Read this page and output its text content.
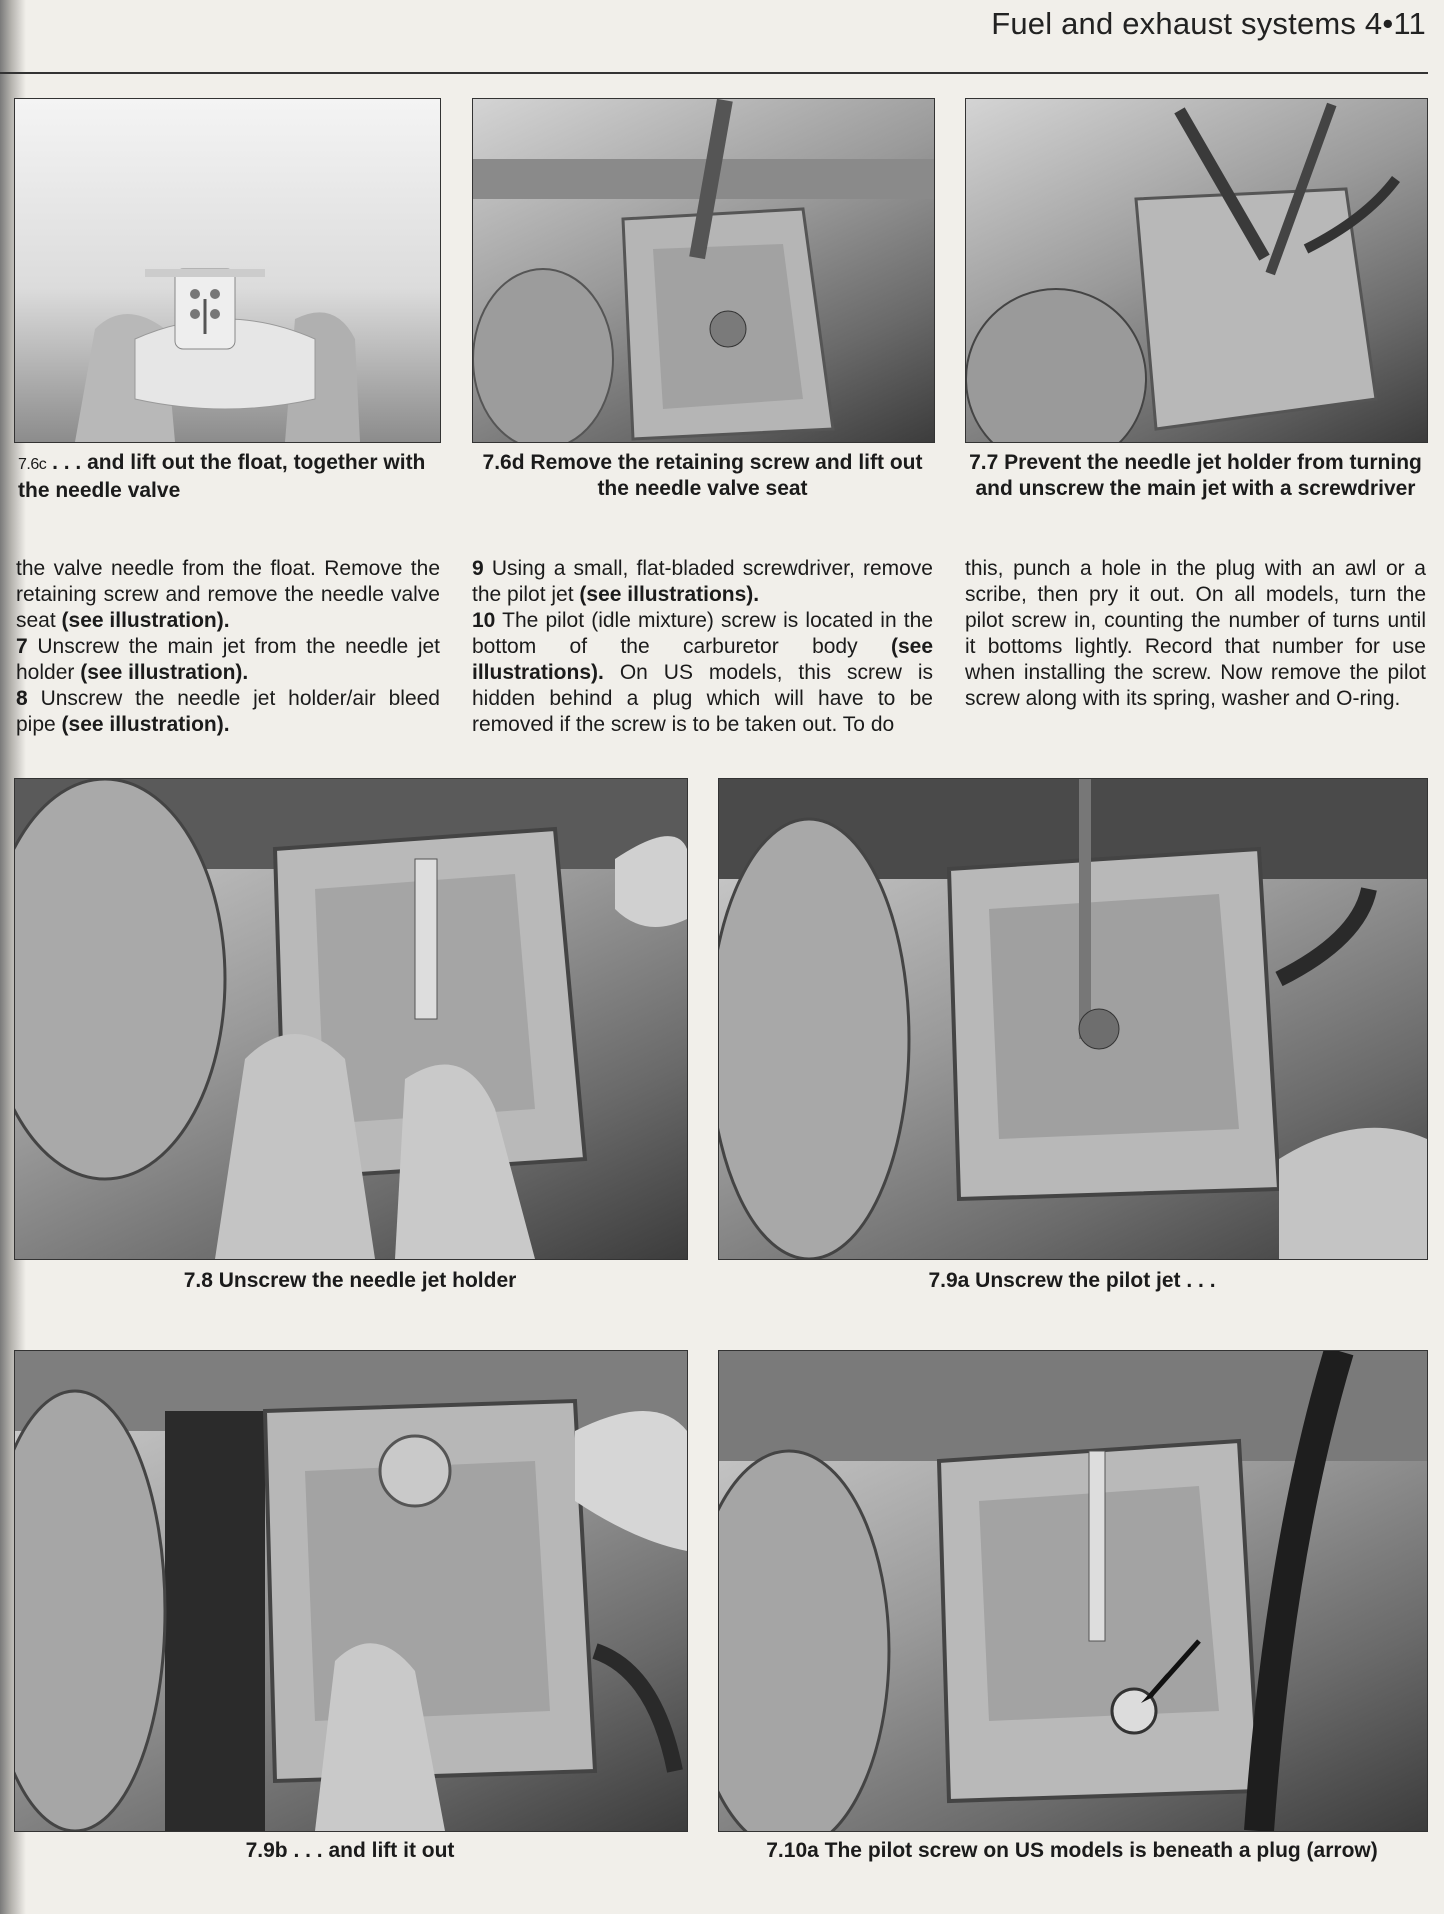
Fuel and exhaust systems 4•11
7.6c . . . and lift out the float, together with the needle valve
7.6d Remove the retaining screw and lift out the needle valve seat
7.7 Prevent the needle jet holder from turning and unscrew the main jet with a screwdriver

the valve needle from the float. Remove the retaining screw and remove the needle valve seat (see illustration).

7 Unscrew the main jet from the needle jet holder (see illustration).

8 Unscrew the needle jet holder/air bleed pipe (see illustration).

9 Using a small, flat-bladed screwdriver, remove the pilot jet (see illustrations).

10 The pilot (idle mixture) screw is located in the bottom of the carburetor body (see illustrations). On US models, this screw is hidden behind a plug which will have to be removed if the screw is to be taken out. To do

this, punch a hole in the plug with an awl or a scribe, then pry it out. On all models, turn the pilot screw in, counting the number of turns until it bottoms lightly. Record that number for use when installing the screw. Now remove the pilot screw along with its spring, washer and O-ring.

7.8 Unscrew the needle jet holder	7.9a Unscrew the pilot jet . . .
7.9b . . . and lift it out	7.10a The pilot screw on US models is beneath a plug (arrow)
